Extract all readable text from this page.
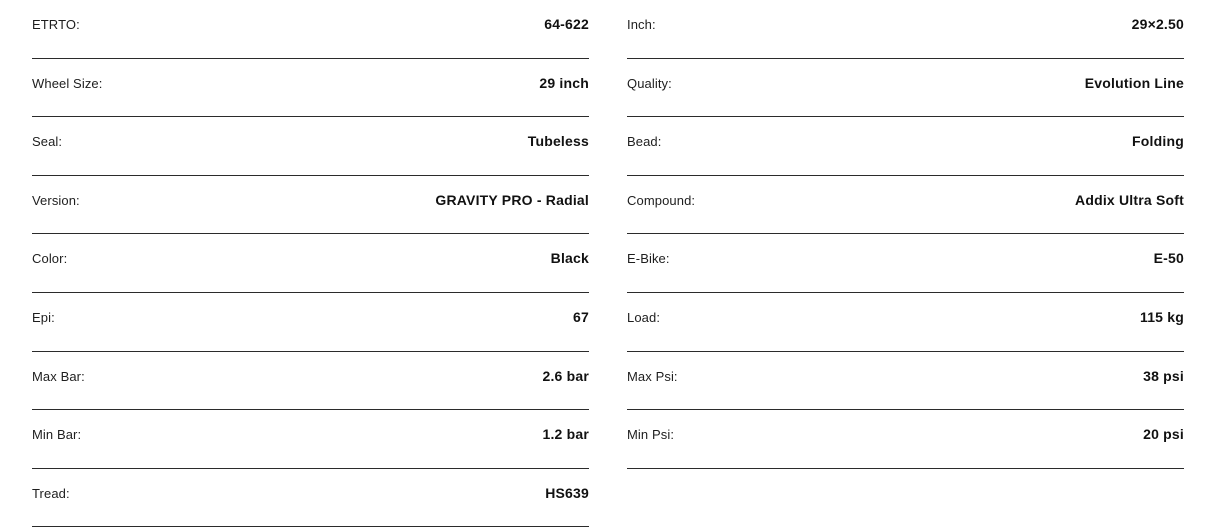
ETRTO:	64-622
Wheel Size:	29 inch
Seal:	Tubeless
Version:	GRAVITY PRO - Radial
Color:	Black
Epi:	67
Max Bar:	2.6 bar
Min Bar:	1.2 bar
Tread:	HS639
Inch:	29×2.50
Quality:	Evolution Line
Bead:	Folding
Compound:	Addix Ultra Soft
E-Bike:	E-50
Load:	115 kg
Max Psi:	38 psi
Min Psi:	20 psi
